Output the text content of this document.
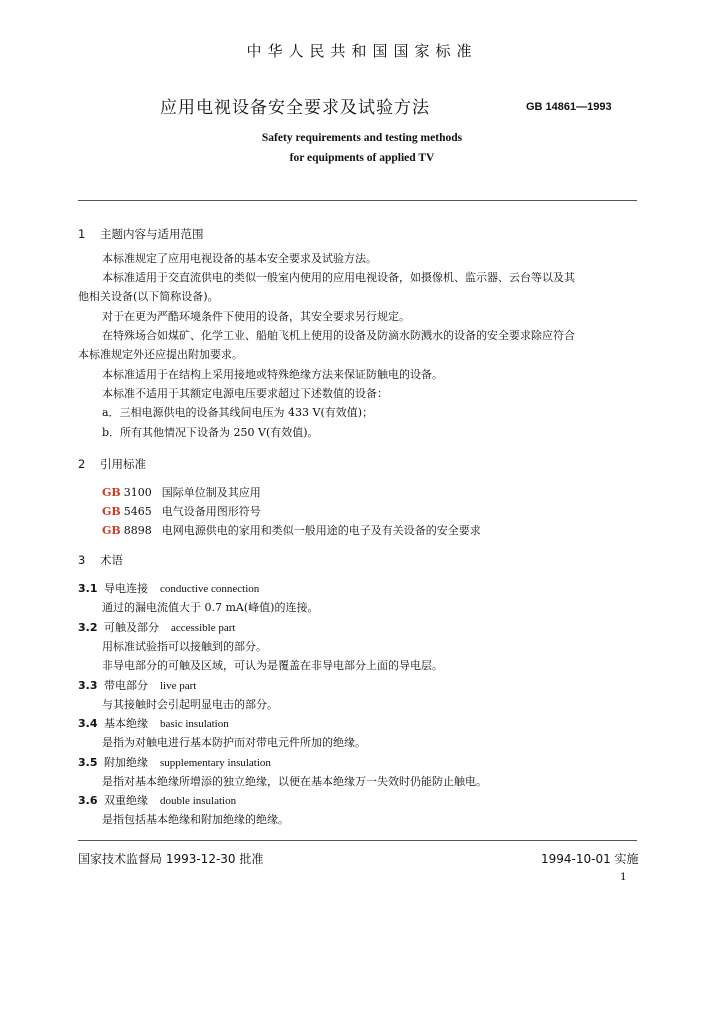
中华人民共和国国家标准
应用电视设备安全要求及试验方法	GB 14861—1993
Safety requirements and testing methods
for equipments of applied TV
1 主题内容与适用范围
本标准规定了应用电视设备的基本安全要求及试验方法。
本标准适用于交直流供电的类似一般室内使用的应用电视设备，如摄像机、监示器、云台等以及其
他相关设备(以下简称设备)。
对于在更为严酷环境条件下使用的设备，其安全要求另行规定。
在特殊场合如煤矿、化学工业、船舶飞机上使用的设备及防滴水防溅水的设备的安全要求除应符合
本标准规定外还应提出附加要求。
本标准适用于在结构上采用接地或特殊绝缘方法来保证防触电的设备。
本标准不适用于其额定电源电压要求超过下述数值的设备：
a．三相电源供电的设备其线间电压为 433 V(有效值)；
b．所有其他情况下设备为 250 V(有效值)。
2 引用标准
GB 3100 国际单位制及其应用
GB 5465 电气设备用图形符号
GB 8898 电网电源供电的家用和类似一般用途的电子及有关设备的安全要求
3 术语
3.1 导电连接 conductive connection
通过的漏电流值大于 0.7 mA(峰值)的连接。
3.2 可触及部分 accessible part
用标准试验指可以接触到的部分。
非导电部分的可触及区域，可认为是覆盖在非导电部分上面的导电层。
3.3 带电部分 live part
与其接触时会引起明显电击的部分。
3.4 基本绝缘 basic insulation
是指为对触电进行基本防护而对带电元件所加的绝缘。
3.5 附加绝缘 supplementary insulation
是指对基本绝缘所增添的独立绝缘，以便在基本绝缘万一失效时仍能防止触电。
3.6 双重绝缘 double insulation
是指包括基本绝缘和附加绝缘的绝缘。
国家技术监督局 1993-12-30 批准	1994-10-01 实施
1
